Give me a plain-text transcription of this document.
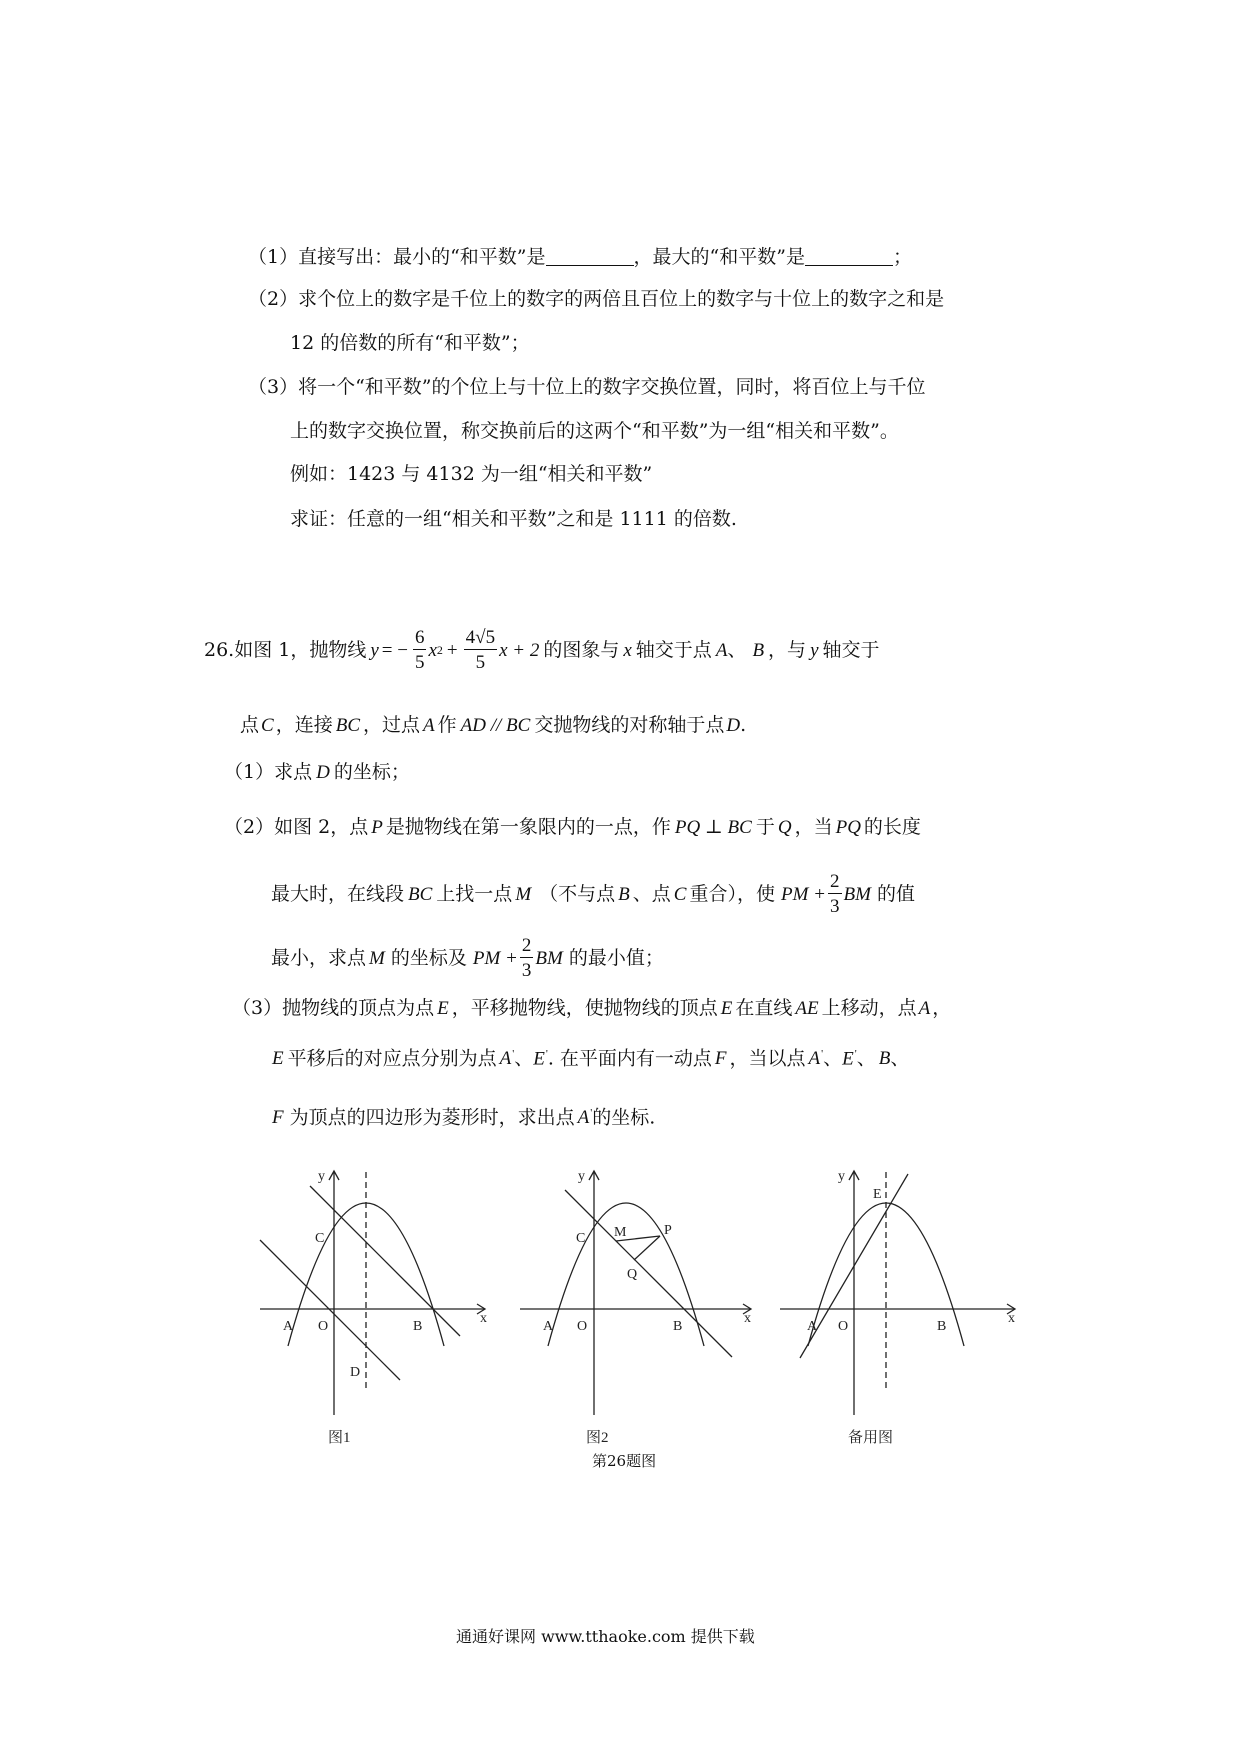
（1）直接写出：最小的“和平数”是	，最大的“和平数”是	；
（2）求个位上的数字是千位上的数字的两倍且百位上的数字与十位上的数字之和是
12 的倍数的所有“和平数”；
（3）将一个“和平数”的个位上与十位上的数字交换位置，同时，将百位上与千位
上的数字交换位置，称交换前后的这两个“和平数”为一组“相关和平数”。
例如：1423 与 4132 为一组“相关和平数”
求证：任意的一组“相关和平数”之和是 1111 的倍数.
26. 如图 1，抛物线 y = − $\frac{6}{5}$ x $2 + \frac{4√5}{5}$ x + 2 的图象与 x 轴交于点 A 、 B ，与 y 轴交于
点 C ，连接 BC ，过点 A 作 AD // BC 交抛物线的对称轴于点 D.
（1）求点 D 的坐标；
（2）如图 2，点 P 是抛物线在第一象限内的一点，作 PQ ⊥ BC 于 Q ，当 PQ 的长度
最大时，在线段 BC 上找一点 M （不与点 B 、点 C 重合），使 PM + $\frac{2}{3}$ BM 的值
最小，求点 M 的坐标及 PM + $\frac{2}{3}$ BM 的最小值；
（3）抛物线的顶点为点 E ，平移抛物线，使抛物线的顶点 E 在直线 AE 上移动，点 A ，
E 平移后的对应点分别为点 A'、E'. 在平面内有一动点 F ，当以点 A'、E'、 B、
F 为顶点的四边形为菱形时，求出点 A'的坐标.
y
x
C
A O	B
D
图1
y
x
C M	P
Q
A O	B
图2
y
x
E
A O	B
备用图
第26题图
通通好课网 www.tthaoke.com 提供下载
